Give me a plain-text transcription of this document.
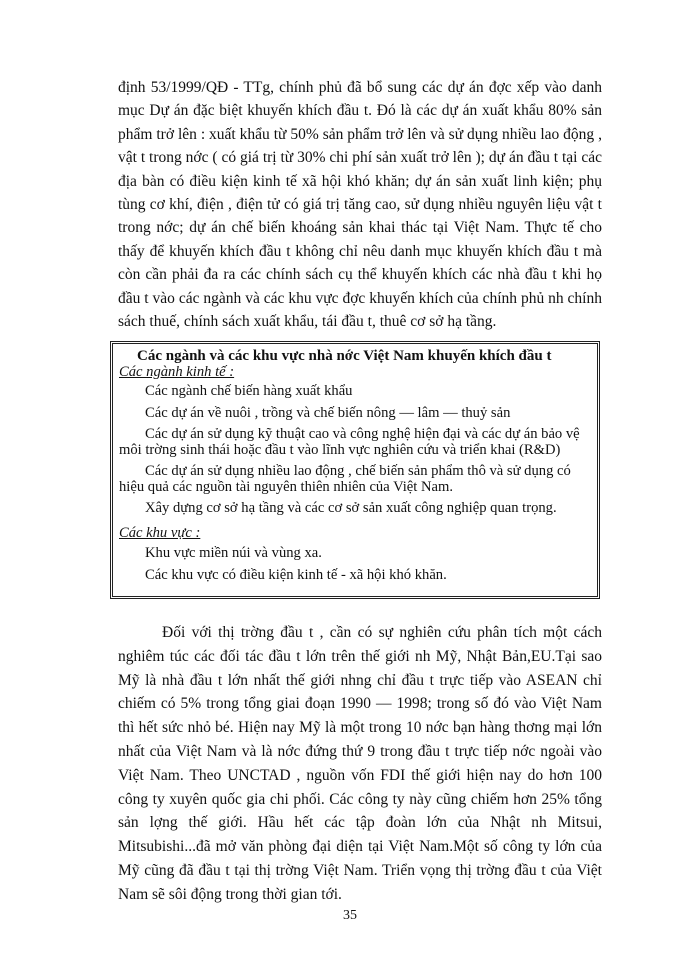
định 53/1999/QĐ - TTg, chính phủ đã bổ sung các dự án đợc xếp vào danh mục Dự án đặc biệt khuyến khích đầu t. Đó là các dự án xuất khẩu 80% sản phẩm trở lên : xuất khẩu từ 50% sản phẩm trở lên và sử dụng nhiều lao động , vật t trong nớc ( có giá trị từ 30% chi phí sản xuất trở lên ); dự án đầu t tại các địa bàn có điều kiện kinh tế xã hội khó khăn; dự án sản xuất linh kiện; phụ tùng cơ khí, điện , điện tử có giá trị tăng cao, sử dụng nhiều nguyên liệu vật t trong nớc; dự án chế biến khoáng sản khai thác tại Việt Nam. Thực tế cho thấy để khuyến khích đầu t không chỉ nêu danh mục khuyến khích đầu t mà còn cần phải đa ra các chính sách cụ thể khuyến khích các nhà đầu t khi họ đầu t vào các ngành và các khu vực đợc khuyến khích của chính phủ nh chính sách thuế, chính sách xuất khẩu, tái đầu t, thuê cơ sở hạ tầng.

Các ngành và các khu vực nhà nớc Việt Nam khuyến khích đầu t

Các ngành kinh tế :

Các ngành chế biến hàng xuất khẩu

Các dự án về nuôi , trồng và chế biến nông — lâm — thuỷ sản

Các dự án sử dụng kỹ thuật cao và công nghệ hiện đại và các dự án bảo vệ môi trờng sinh thái hoặc đầu t vào lĩnh vực nghiên cứu và triển khai (R&D)

Các dự án sử dụng nhiều lao động , chế biến sản phẩm thô và sử dụng có hiệu quả các nguồn tài nguyên thiên nhiên của Việt Nam.

Xây dựng cơ sở hạ tầng và các cơ sở sản xuất công nghiệp quan trọng.

Các khu vực :

Khu vực miền núi và vùng xa.

Các khu vực có điều kiện kinh tế - xã hội khó khăn.

Đối với thị trờng đầu t , cần có sự nghiên cứu phân tích một cách nghiêm túc các đối tác đầu t lớn trên thế giới nh Mỹ, Nhật Bản,EU.Tại sao Mỹ là nhà đầu t lớn nhất thế giới nhng chỉ đầu t trực tiếp vào ASEAN chỉ chiếm có 5% trong tổng giai đoạn 1990 — 1998; trong số đó vào Việt Nam thì hết sức nhỏ bé. Hiện nay Mỹ là một trong 10 nớc bạn hàng thơng mại lớn nhất của Việt Nam và là nớc đứng thứ 9 trong đầu t trực tiếp nớc ngoài vào Việt Nam. Theo UNCTAD , nguồn vốn FDI thế giới hiện nay do hơn 100 công ty xuyên quốc gia chi phối. Các công ty này cũng chiếm hơn 25% tổng sản lợng thế giới. Hầu hết các tập đoàn lớn của Nhật nh Mitsui, Mitsubishi...đã mở văn phòng đại diện tại Việt Nam.Một số công ty lớn của Mỹ cũng đã đầu t tại thị trờng Việt Nam. Triển vọng thị trờng đầu t của Việt Nam sẽ sôi động trong thời gian tới.

35
